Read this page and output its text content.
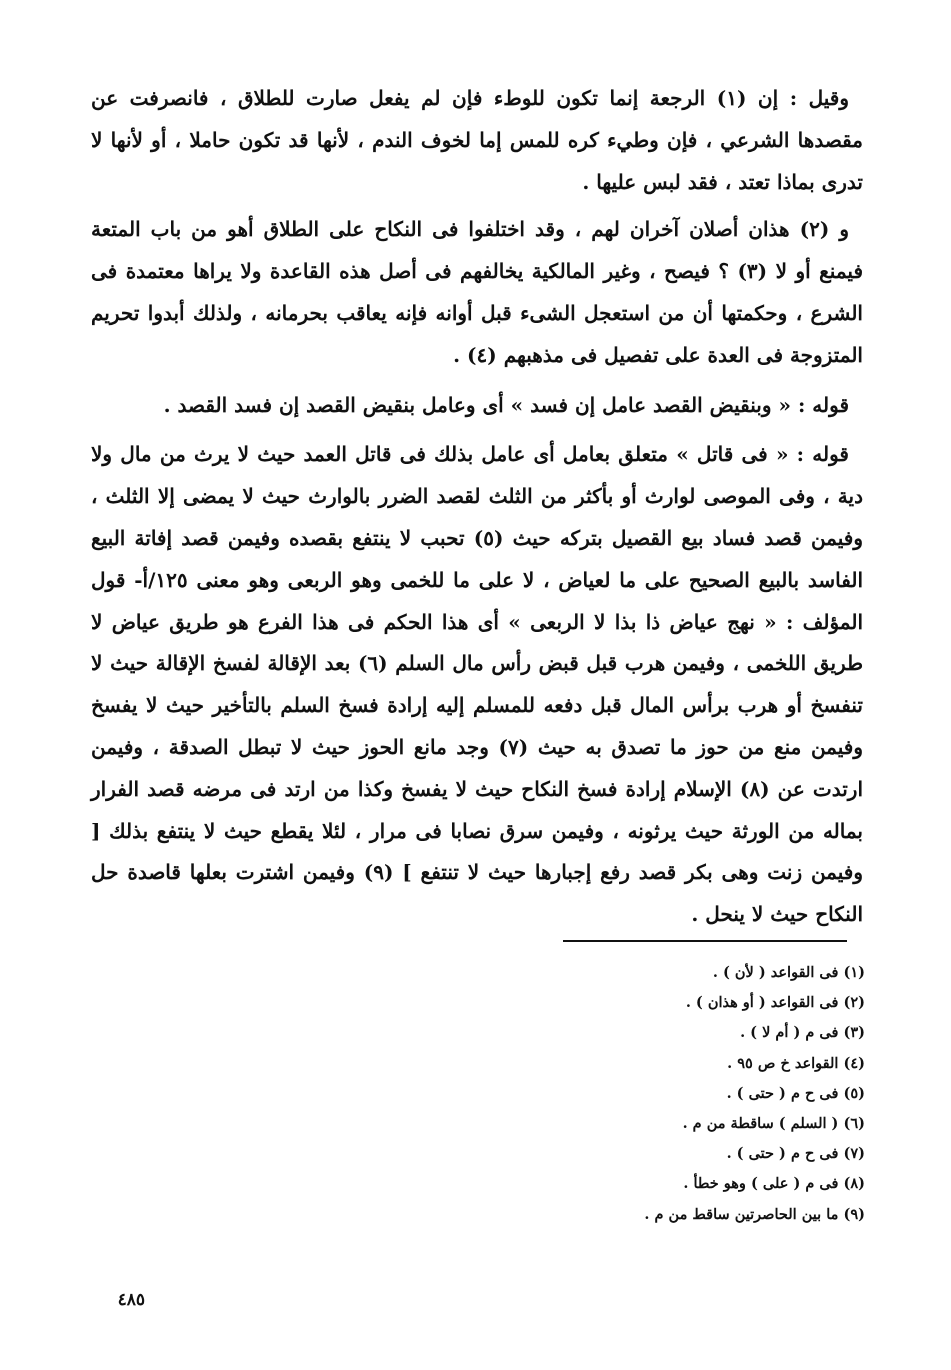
وقيل : إن (١) الرجعة إنما تكون للوطء فإن لم يفعل صارت للطلاق ، فانصرفت عن مقصدها الشرعي ، فإن وطيء كره للمس إما لخوف الندم ، لأنها قد تكون حاملا ، أو لأنها لا تدرى بماذا تعتد ، فقد لبس عليها .

و (٢) هذان أصلان آخران لهم ، وقد اختلفوا فى النكاح على الطلاق أهو من باب المتعة فيمنع أو لا (٣) ؟ فيصح ، وغير المالكية يخالفهم فى أصل هذه القاعدة ولا يراها معتمدة فى الشرع ، وحكمتها أن من استعجل الشىء قبل أوانه فإنه يعاقب بحرمانه ، ولذلك أبدوا تحريم المتزوجة فى العدة على تفصيل فى مذهبهم (٤) .

قوله : « وبنقيض القصد عامل إن فسد » أى وعامل بنقيض القصد إن فسد القصد .

قوله : « فى قاتل » متعلق بعامل أى عامل بذلك فى قاتل العمد حيث لا يرث من مال ولا دية ، وفى الموصى لوارث أو بأكثر من الثلث لقصد الضرر بالوارث حيث لا يمضى إلا الثلث ، وفيمن قصد فساد بيع القصيل بتركه حيث (٥) تحبب لا ينتفع بقصده وفيمن قصد إفاتة البيع الفاسد بالبيع الصحيح على ما لعياض ، لا على ما للخمى وهو الربعى وهو معنى ١٢٥/أ- قول المؤلف : « نهج عياض ذا بذا لا الربعى » أى هذا الحكم فى هذا الفرع هو طريق عياض لا طريق اللخمى ، وفيمن هرب قبل قبض رأس مال السلم (٦) بعد الإقالة لفسخ الإقالة حيث لا تنفسخ أو هرب برأس المال قبل دفعه للمسلم إليه إرادة فسخ السلم بالتأخير حيث لا يفسخ وفيمن منع من حوز ما تصدق به حيث (٧) وجد مانع الحوز حيث لا تبطل الصدقة ، وفيمن ارتدت عن (٨) الإسلام إرادة فسخ النكاح حيث لا يفسخ وكذا من ارتد فى مرضه قصد الفرار بماله من الورثة حيث يرثونه ، وفيمن سرق نصابا فى مرار ، لئلا يقطع حيث لا ينتفع بذلك [ وفيمن زنت وهى بكر قصد رفع إجبارها حيث لا تنتفع ] (٩) وفيمن اشترت بعلها قاصدة حل النكاح حيث لا ينحل .

(١) فى القواعد ( لأن ) .
(٢) فى القواعد ( أو هذان ) .
(٣) فى م ( أم لا ) .
(٤) القواعد خ ص ٩٥ .
(٥) فى ح م ( حتى ) .
(٦) ( السلم ) ساقطة من م .
(٧) فى ح م ( حتى ) .
(٨) فى م ( على ) وهو خطأ .
(٩) ما بين الحاصرتين ساقط من م .
٤٨٥
